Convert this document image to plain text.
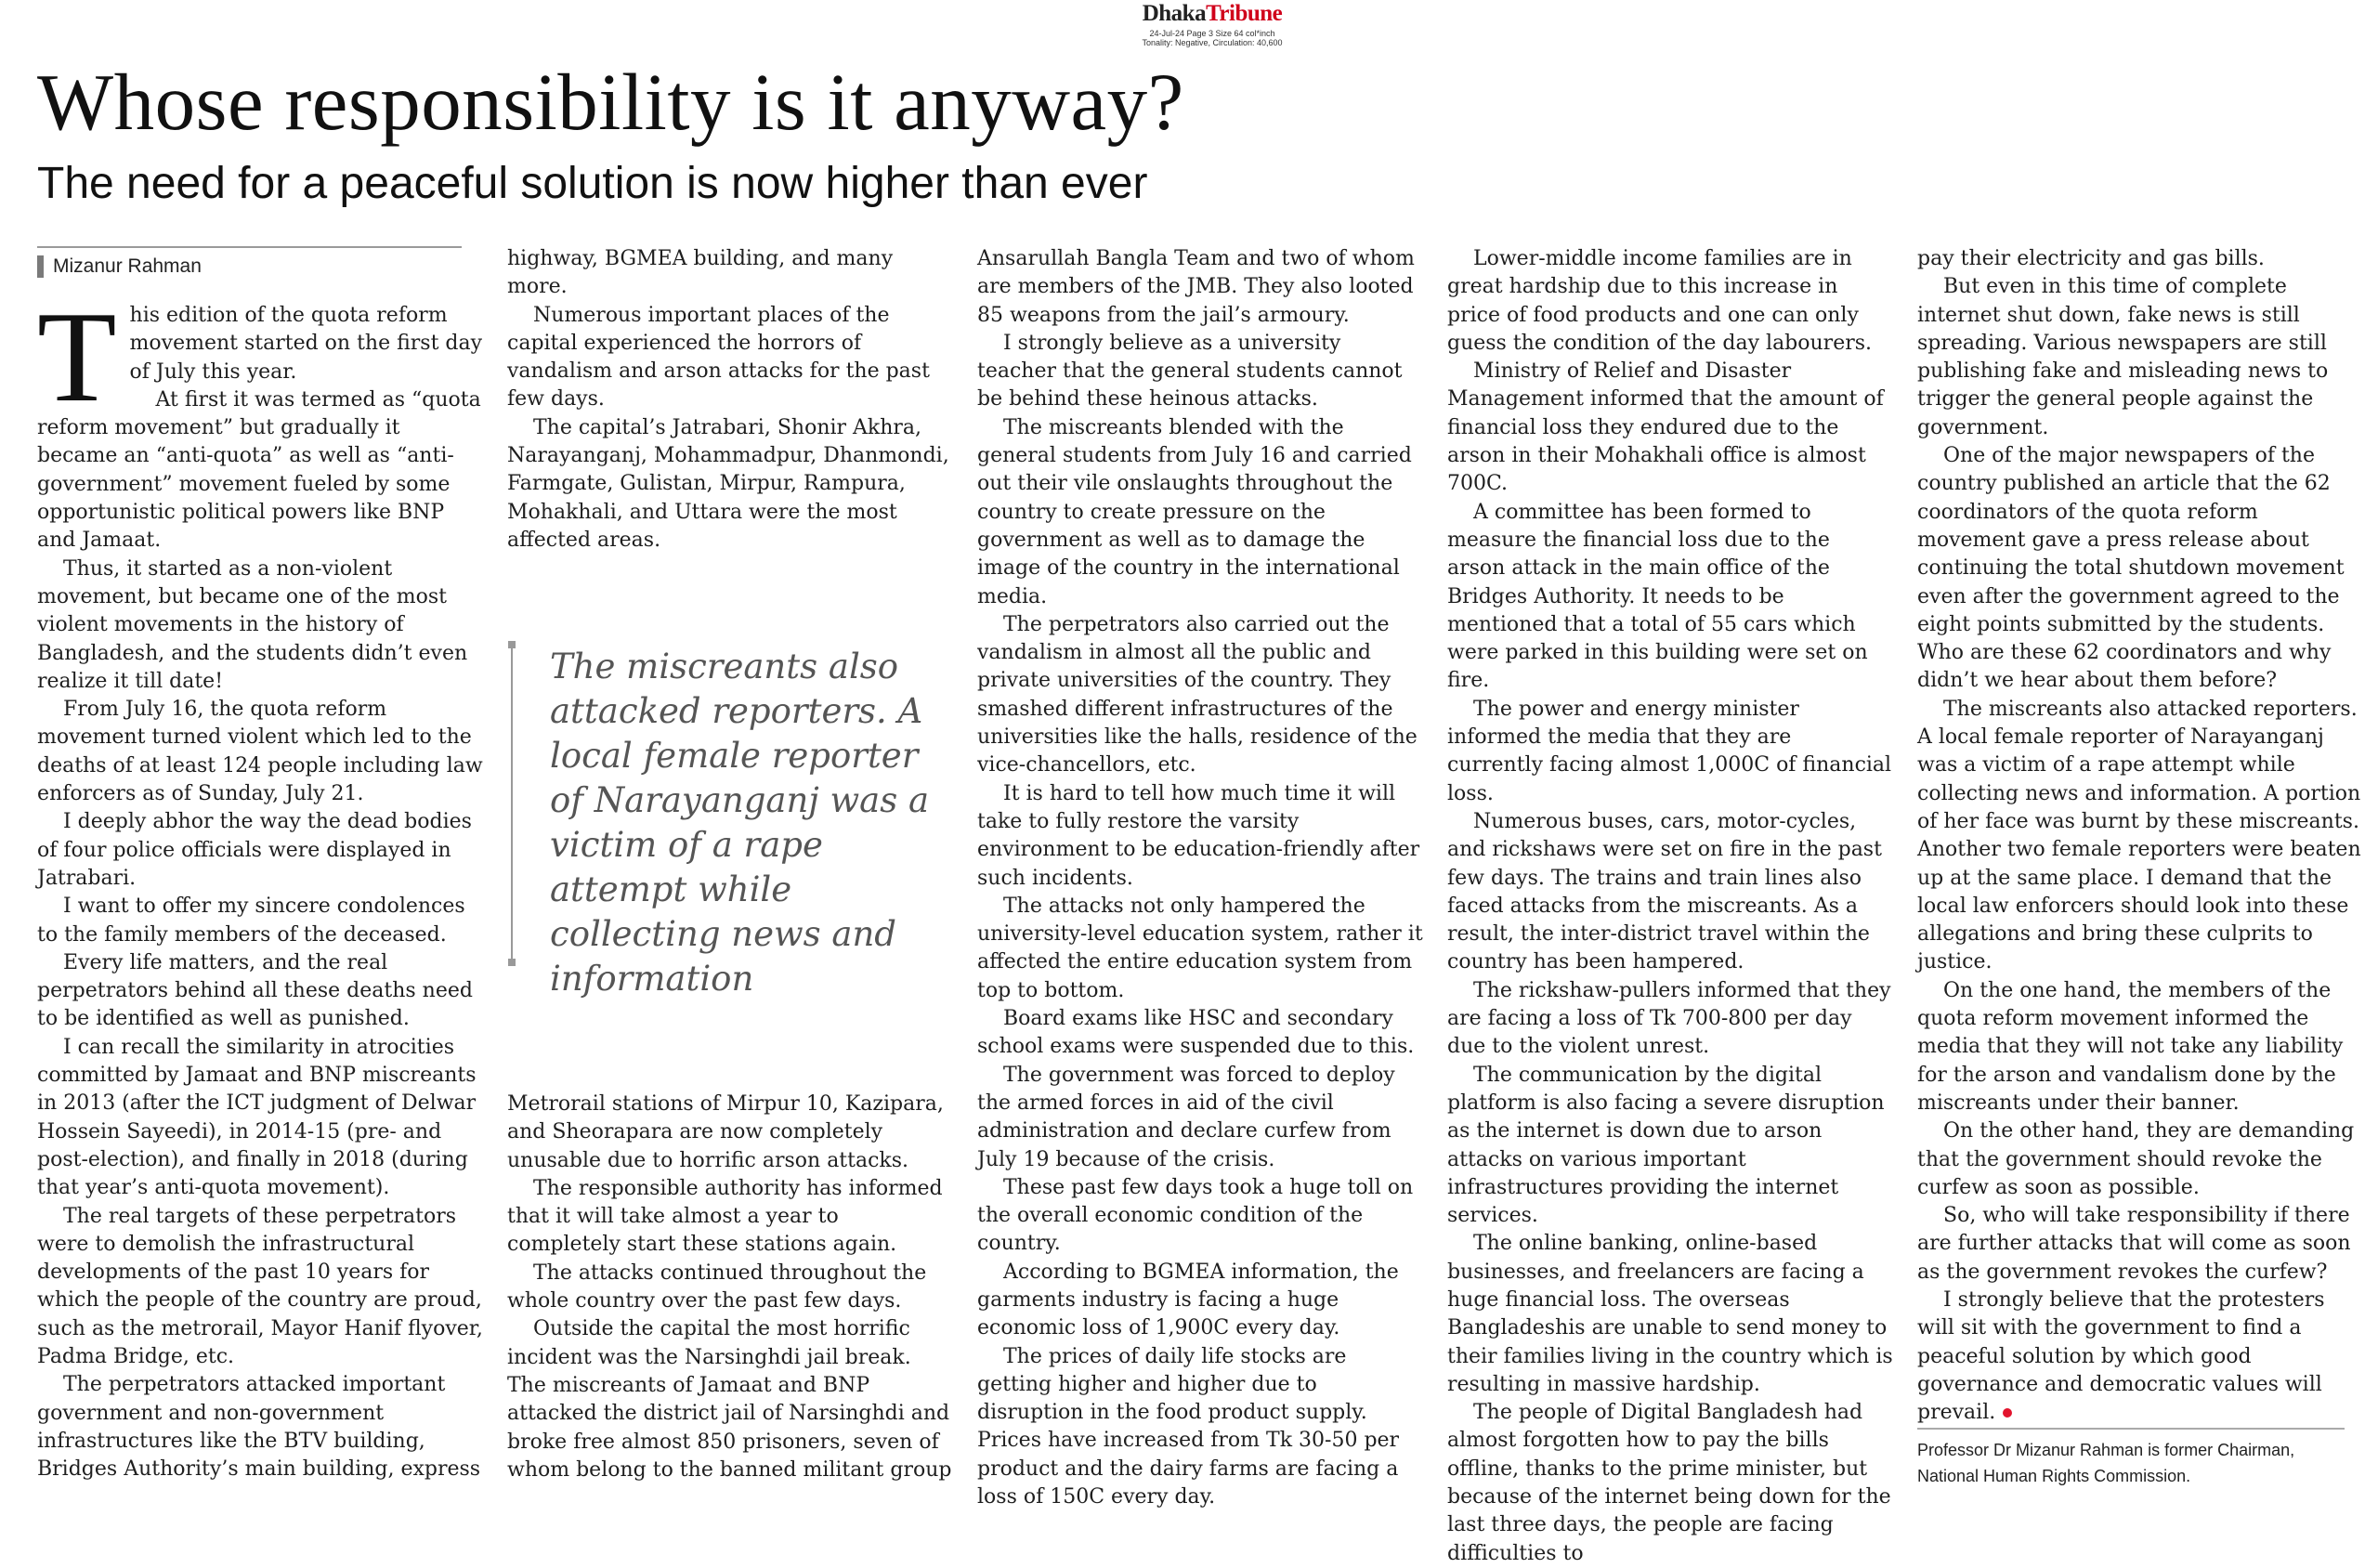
DhakaTribune
24-Jul-24 Page 3 Size 64 col*inch
Tonality: Negative, Circulation: 40,600
Whose responsibility is it anyway?
The need for a peaceful solution is now higher than ever
Mizanur Rahman
T his edition of the quota reform movement started on the first day of July this year.

At first it was termed as “quota reform movement” but gradually it became an “anti-quota” as well as “anti-government” movement fueled by some opportunistic political powers like BNP and Jamaat.

Thus, it started as a non-violent movement, but became one of the most violent movements in the history of Bangladesh, and the students didn’t even realize it till date!

From July 16, the quota reform movement turned violent which led to the deaths of at least 124 people including law enforcers as of Sunday, July 21.

I deeply abhor the way the dead bodies of four police officials were displayed in Jatrabari.

I want to offer my sincere condolences to the family members of the deceased.

Every life matters, and the real perpetrators behind all these deaths need to be identified as well as punished.

I can recall the similarity in atrocities committed by Jamaat and BNP miscreants in 2013 (after the ICT judgment of Delwar Hossein Sayeedi), in 2014-15 (pre- and post-election), and finally in 2018 (during that year’s anti-quota movement).

The real targets of these perpetrators were to demolish the infrastructural developments of the past 10 years for which the people of the country are proud, such as the metrorail, Mayor Hanif flyover, Padma Bridge, etc.

The perpetrators attacked important government and non-government infrastructures like the BTV building, Bridges Authority’s main building, express

highway, BGMEA building, and many more.

Numerous important places of the capital experienced the horrors of vandalism and arson attacks for the past few days.

The capital’s Jatrabari, Shonir Akhra, Narayanganj, Mohammadpur, Dhanmondi, Farmgate, Gulistan, Mirpur, Rampura, Mohakhali, and Uttara were the most affected areas.

The miscreants also attacked reporters. A local female reporter of Narayanganj was a victim of a rape attempt while collecting news and information

Metrorail stations of Mirpur 10, Kazipara, and Sheorapara are now completely unusable due to horrific arson attacks.

The responsible authority has informed that it will take almost a year to completely start these stations again.

The attacks continued throughout the whole country over the past few days.

Outside the capital the most horrific incident was the Narsinghdi jail break. The miscreants of Jamaat and BNP attacked the district jail of Narsinghdi and broke free almost 850 prisoners, seven of whom belong to the banned militant group

Ansarullah Bangla Team and two of whom are members of the JMB. They also looted 85 weapons from the jail’s armoury.

I strongly believe as a university teacher that the general students cannot be behind these heinous attacks.

The miscreants blended with the general students from July 16 and carried out their vile onslaughts throughout the country to create pressure on the government as well as to damage the image of the country in the international media.

The perpetrators also carried out the vandalism in almost all the public and private universities of the country. They smashed different infrastructures of the universities like the halls, residence of the vice-chancellors, etc.

It is hard to tell how much time it will take to fully restore the varsity environment to be education-friendly after such incidents.

The attacks not only hampered the university-level education system, rather it affected the entire education system from top to bottom.

Board exams like HSC and secondary school exams were suspended due to this.

The government was forced to deploy the armed forces in aid of the civil administration and declare curfew from July 19 because of the crisis.

These past few days took a huge toll on the overall economic condition of the country.

According to BGMEA information, the garments industry is facing a huge economic loss of 1,900C every day.

The prices of daily life stocks are getting higher and higher due to disruption in the food product supply. Prices have increased from Tk 30-50 per product and the dairy farms are facing a loss of 150C every day.

Lower-middle income families are in great hardship due to this increase in price of food products and one can only guess the condition of the day labourers.

Ministry of Relief and Disaster Management informed that the amount of financial loss they endured due to the arson in their Mohakhali office is almost 700C.

A committee has been formed to measure the financial loss due to the arson attack in the main office of the Bridges Authority. It needs to be mentioned that a total of 55 cars which were parked in this building were set on fire.

The power and energy minister informed the media that they are currently facing almost 1,000C of financial loss.

Numerous buses, cars, motor-cycles, and rickshaws were set on fire in the past few days. The trains and train lines also faced attacks from the miscreants. As a result, the inter-district travel within the country has been hampered.

The rickshaw-pullers informed that they are facing a loss of Tk 700-800 per day due to the violent unrest.

The communication by the digital platform is also facing a severe disruption as the internet is down due to arson attacks on various important infrastructures providing the internet services.

The online banking, online-based businesses, and freelancers are facing a huge financial loss. The overseas Bangladeshis are unable to send money to their families living in the country which is resulting in massive hardship.

The people of Digital Bangladesh had almost forgotten how to pay the bills offline, thanks to the prime minister, but because of the internet being down for the last three days, the people are facing difficulties to

pay their electricity and gas bills.

But even in this time of complete internet shut down, fake news is still spreading. Various newspapers are still publishing fake and misleading news to trigger the general people against the government.

One of the major newspapers of the country published an article that the 62 coordinators of the quota reform movement gave a press release about continuing the total shutdown movement even after the government agreed to the eight points submitted by the students. Who are these 62 coordinators and why didn’t we hear about them before?

The miscreants also attacked reporters. A local female reporter of Narayanganj was a victim of a rape attempt while collecting news and information. A portion of her face was burnt by these miscreants. Another two female reporters were beaten up at the same place. I demand that the local law enforcers should look into these allegations and bring these culprits to justice.

On the one hand, the members of the quota reform movement informed the media that they will not take any liability for the arson and vandalism done by the miscreants under their banner.

On the other hand, they are demanding that the government should revoke the curfew as soon as possible.

So, who will take responsibility if there are further attacks that will come as soon as the government revokes the curfew?

I strongly believe that the protesters will sit with the government to find a peaceful solution by which good governance and democratic values will prevail.

Professor Dr Mizanur Rahman is former Chairman, National Human Rights Commission.
